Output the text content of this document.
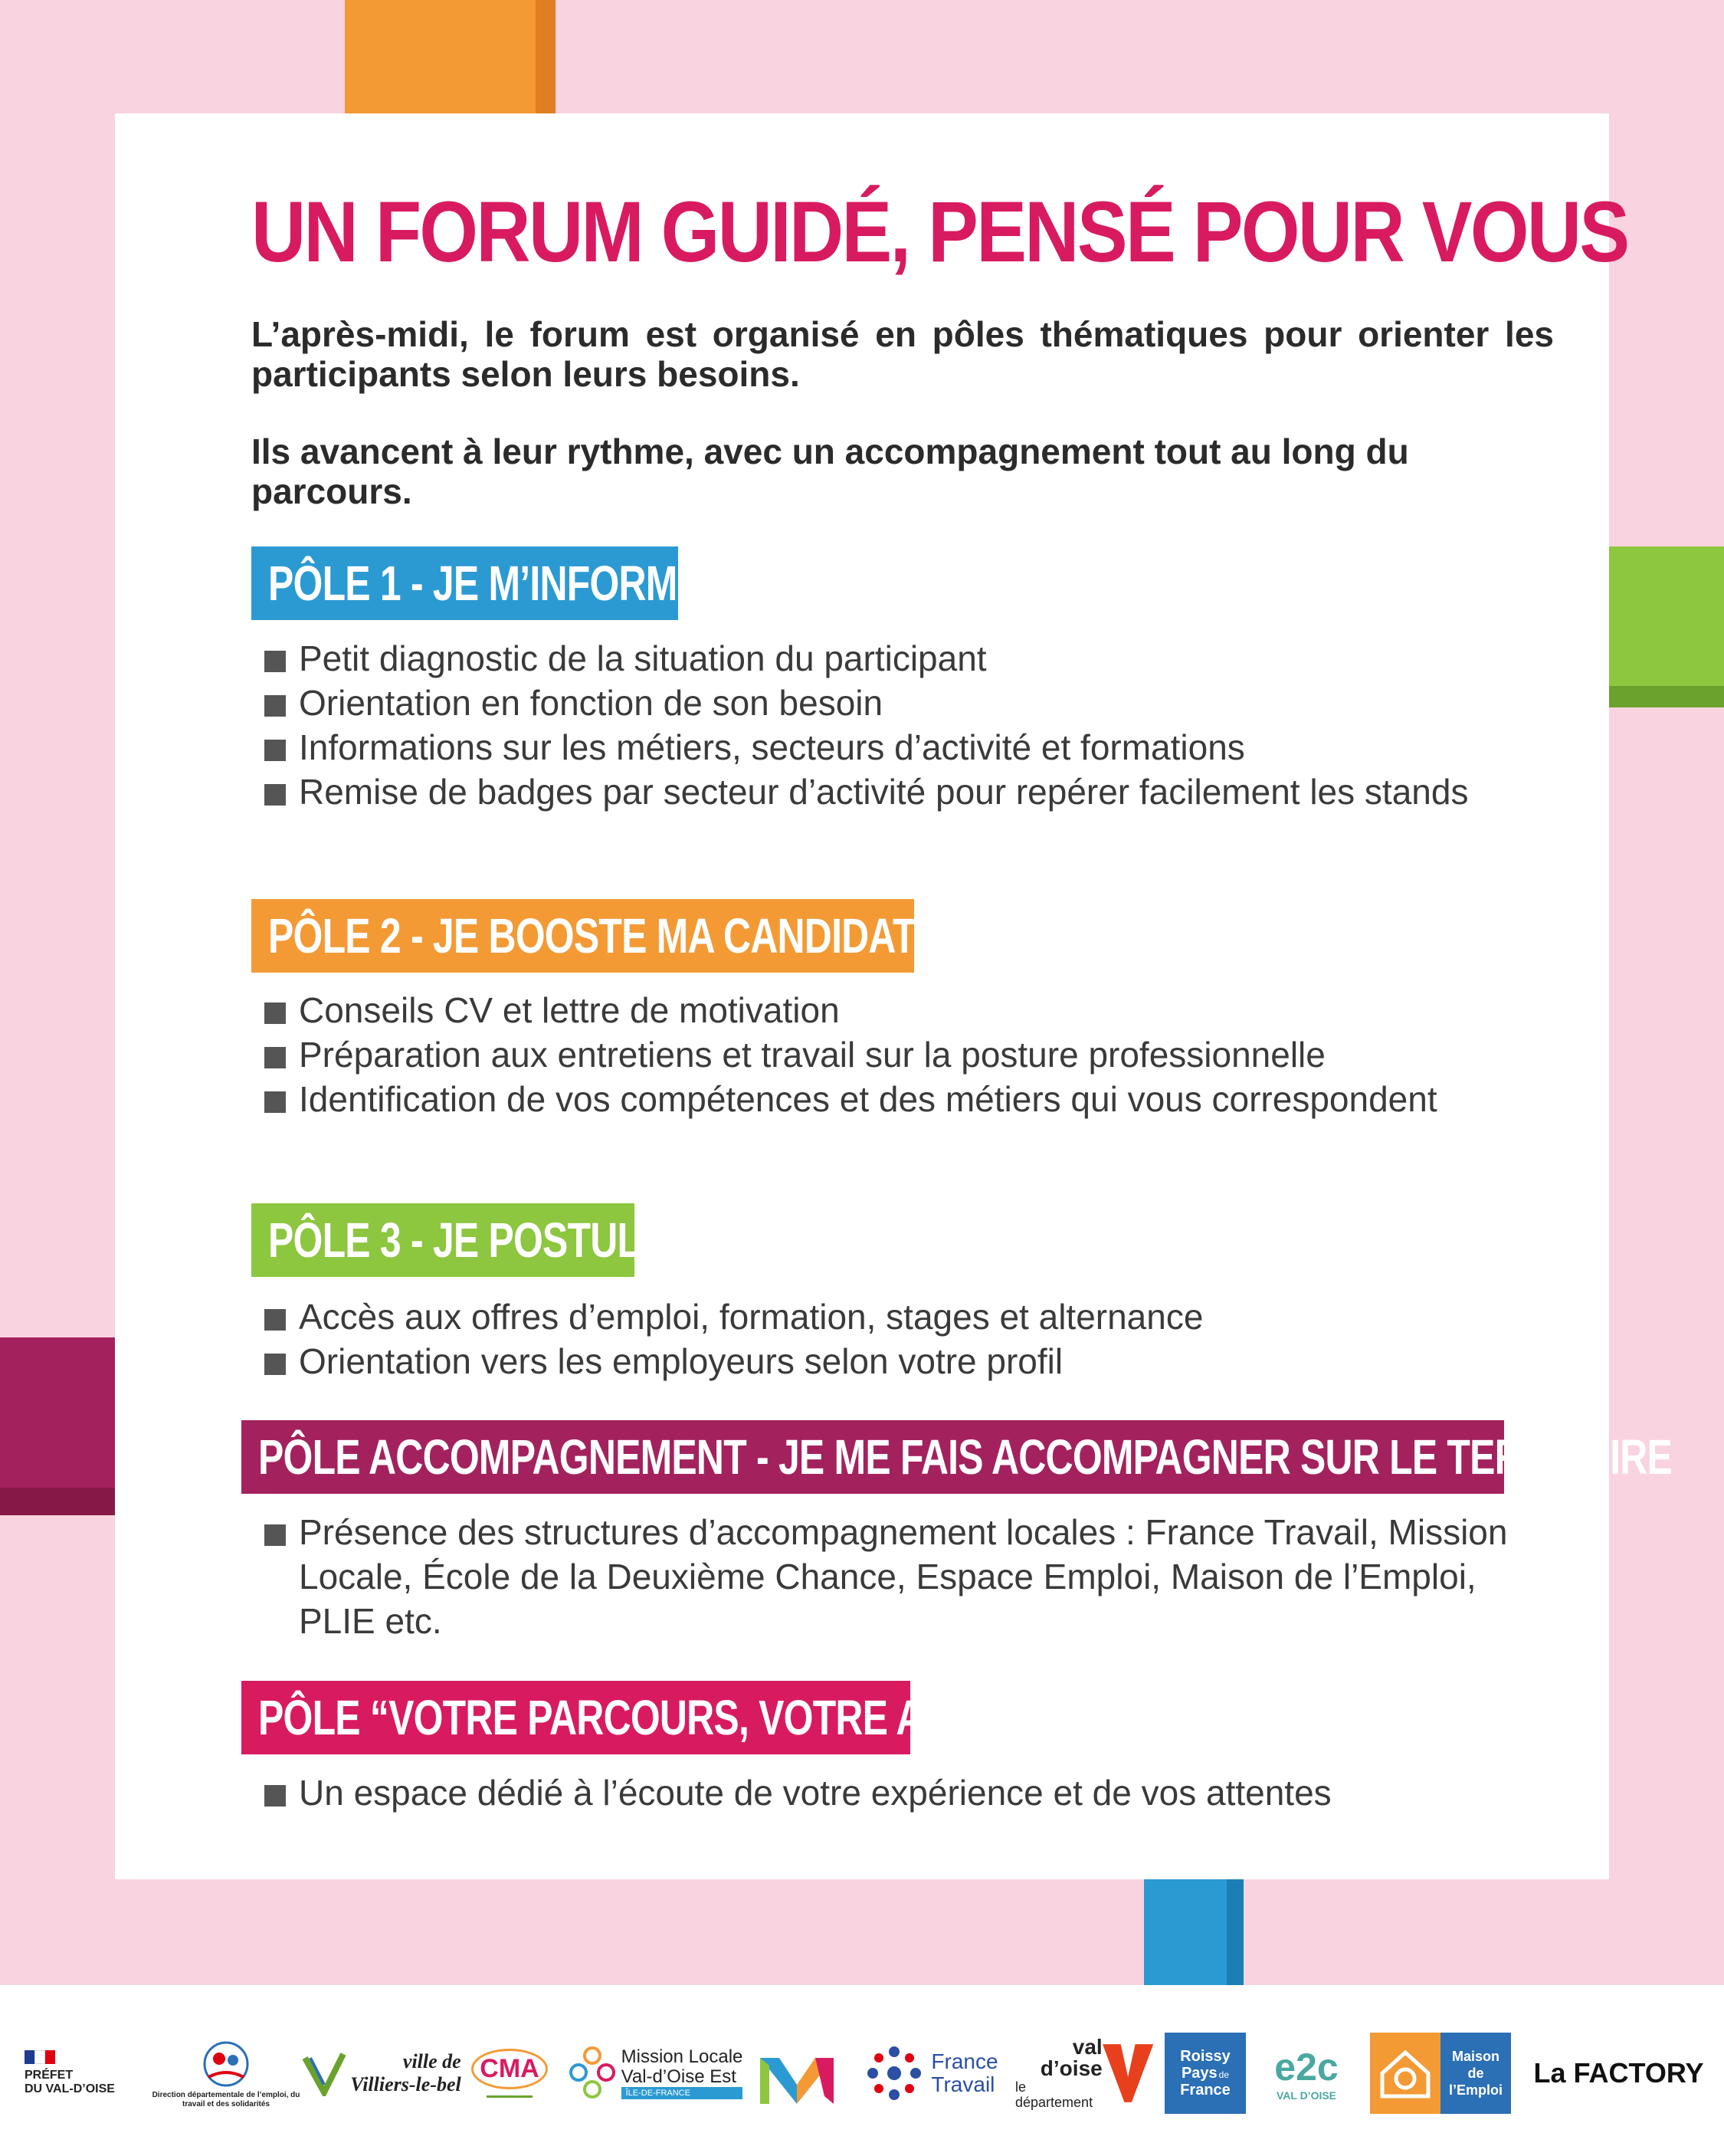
UN FORUM GUIDÉ, PENSÉ POUR VOUS

L’après-midi, le forum est organisé en pôles thématiques pour orienter les participants selon leurs besoins.

Ils avancent à leur rythme, avec un accompagnement tout au long du parcours.

PÔLE 1 - JE M’INFORME
Petit diagnostic de la situation du participant
Orientation en fonction de son besoin
Informations sur les métiers, secteurs d’activité et formations
Remise de badges par secteur d’activité pour repérer facilement les stands
PÔLE 2 - JE BOOSTE MA CANDIDATURE
Conseils CV et lettre de motivation
Préparation aux entretiens et travail sur la posture professionnelle
Identification de vos compétences et des métiers qui vous correspondent
PÔLE 3 - JE POSTULE
Accès aux offres d’emploi, formation, stages et alternance
Orientation vers les employeurs selon votre profil
PÔLE ACCOMPAGNEMENT - JE ME FAIS ACCOMPAGNER SUR LE TERRITOIRE
Présence des structures d’accompagnement locales : France Travail, Mission Locale, École de la Deuxième Chance, Espace Emploi, Maison de l’Emploi, PLIE etc.
PÔLE “VOTRE PARCOURS, VOTRE AVIS”
Un espace dédié à l’écoute de votre expérience et de vos attentes
PRÉFET
DU VAL-D’OISE	Direction départementale de l’emploi, du travail et des solidarités
ville de
Villiers-le-bel
CMA	Mission Locale
Val-d’Oise Est
ÎLE-DE-FRANCE
France
Travail
val
d’oise
le département
Roissy
Pays de
France
e2c
VAL D’OISE
Maison
de
l’Emploi
La FACTORY
